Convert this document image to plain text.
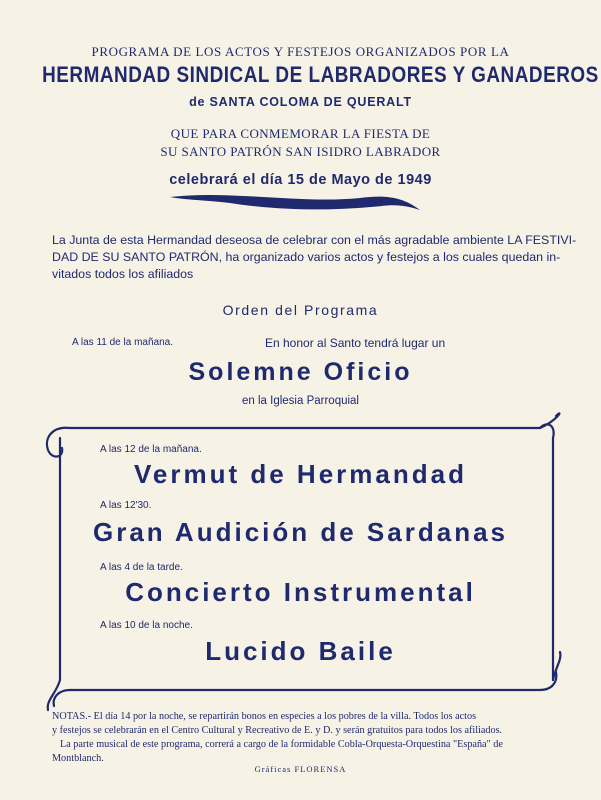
PROGRAMA DE LOS ACTOS Y FESTEJOS ORGANIZADOS POR LA
HERMANDAD SINDICAL DE LABRADORES Y GANADEROS
de SANTA COLOMA DE QUERALT
QUE PARA CONMEMORAR LA FIESTA DE
SU SANTO PATRÓN SAN ISIDRO LABRADOR
celebrará el día 15 de Mayo de 1949
La Junta de esta Hermandad deseosa de celebrar con el más agradable ambiente LA FESTIVI-
DAD DE SU SANTO PATRÓN, ha organizado varios actos y festejos a los cuales quedan in-
vitados todos los afiliados
Orden del Programa
A las 11 de la mañana.	En honor al Santo tendrá lugar un
Solemne Oficio
en la Iglesia Parroquial
A las 12 de la mañana.
Vermut de Hermandad
A las 12'30.
Gran Audición de Sardanas
A las 4 de la tarde.
Concierto Instrumental
A las 10 de la noche.
Lucido Baile
NOTAS.- El día 14 por la noche, se repartirán bonos en especies a los pobres de la villa. Todos los actos
y festejos se celebrarán en el Centro Cultural y Recreativo de E. y D. y serán gratuitos para todos los afiliados.
La parte musical de este programa, correrá a cargo de la formidable Cobla-Orquesta-Orquestina "España" de
Montblanch.
Gráficas FLORENSA
